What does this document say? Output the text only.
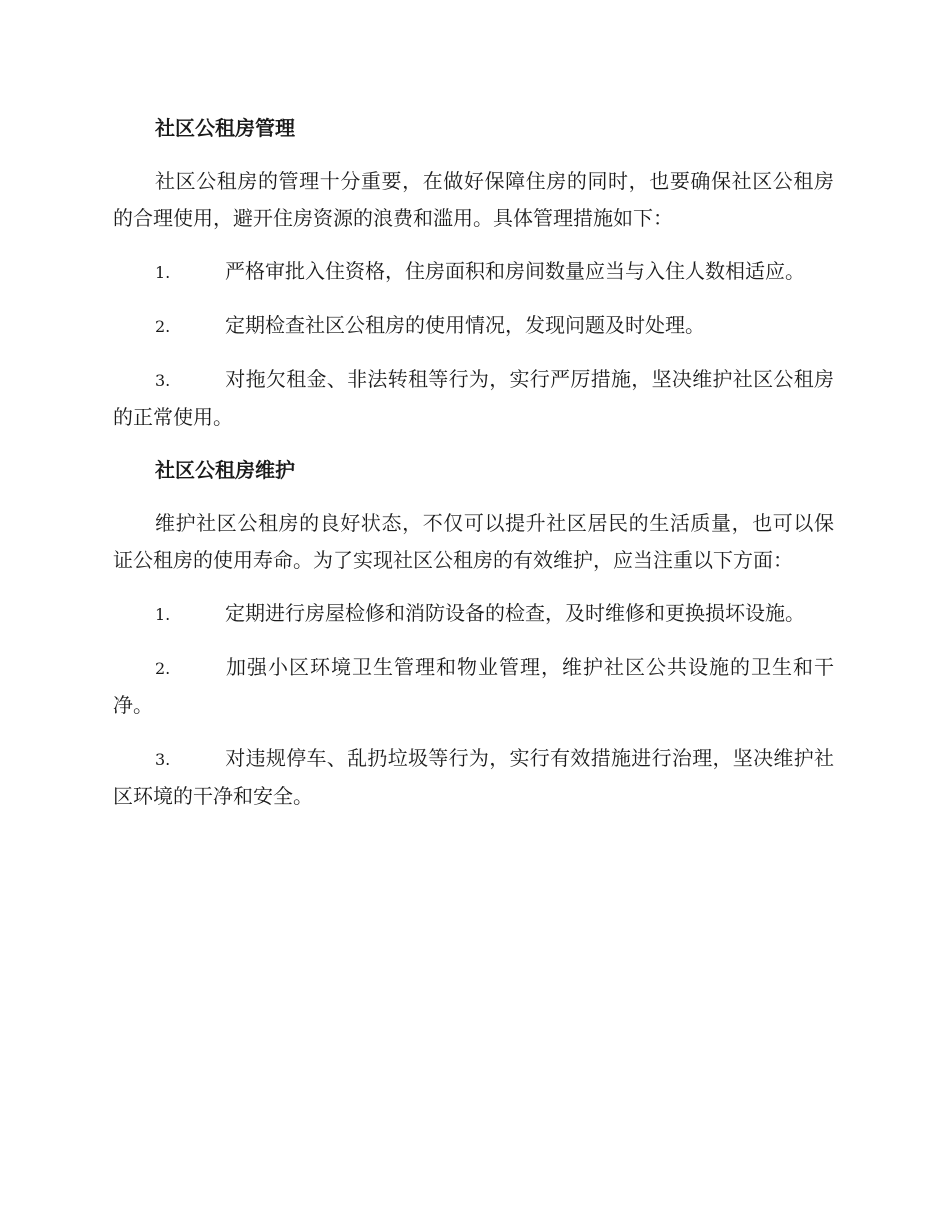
社区公租房管理

社区公租房的管理十分重要，在做好保障住房的同时，也要确保社区公租房的合理使用，避开住房资源的浪费和滥用。具体管理措施如下：

1.	严格审批入住资格，住房面积和房间数量应当与入住人数相适应。

2.	定期检查社区公租房的使用情况，发现问题及时处理。

3.	对拖欠租金、非法转租等行为，实行严厉措施，坚决维护社区公租房的正常使用。

社区公租房维护

维护社区公租房的良好状态，不仅可以提升社区居民的生活质量，也可以保证公租房的使用寿命。为了实现社区公租房的有效维护，应当注重以下方面：

1.	定期进行房屋检修和消防设备的检查，及时维修和更换损坏设施。

2.	加强小区环境卫生管理和物业管理，维护社区公共设施的卫生和干净。

3.	对违规停车、乱扔垃圾等行为，实行有效措施进行治理，坚决维护社区环境的干净和安全。
